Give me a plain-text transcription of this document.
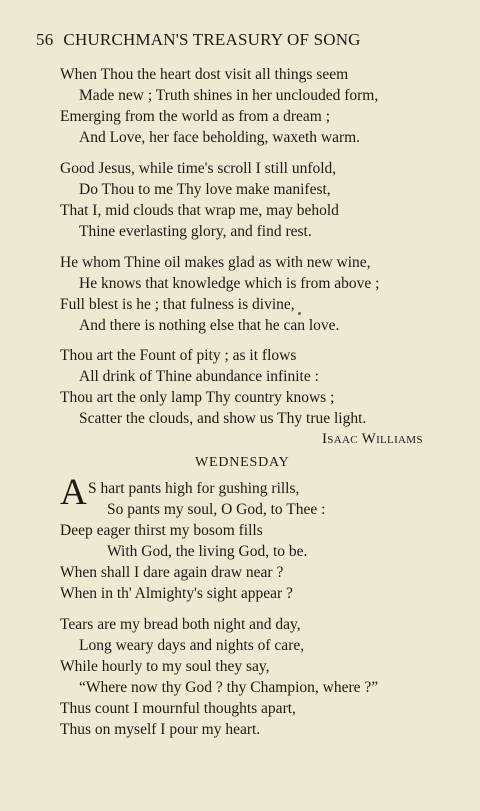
56 CHURCHMAN'S TREASURY OF SONG
When Thou the heart dost visit all things seem
Made new ; Truth shines in her unclouded form,
Emerging from the world as from a dream ;
And Love, her face beholding, waxeth warm.
Good Jesus, while time's scroll I still unfold,
Do Thou to me Thy love make manifest,
That I, mid clouds that wrap me, may behold
Thine everlasting glory, and find rest.
He whom Thine oil makes glad as with new wine,
He knows that knowledge which is from above ;
Full blest is he ; that fulness is divine,
And there is nothing else that he can love.
Thou art the Fount of pity ; as it flows
All drink of Thine abundance infinite :
Thou art the only lamp Thy country knows ;
Scatter the clouds, and show us Thy true light.
Isaac Williams
WEDNESDAY
A S hart pants high for gushing rills,
So pants my soul, O God, to Thee :
Deep eager thirst my bosom fills
With God, the living God, to be.
When shall I dare again draw near ?
When in th' Almighty's sight appear ?
Tears are my bread both night and day,
Long weary days and nights of care,
While hourly to my soul they say,
“Where now thy God ? thy Champion, where ?”
Thus count I mournful thoughts apart,
Thus on myself I pour my heart.
